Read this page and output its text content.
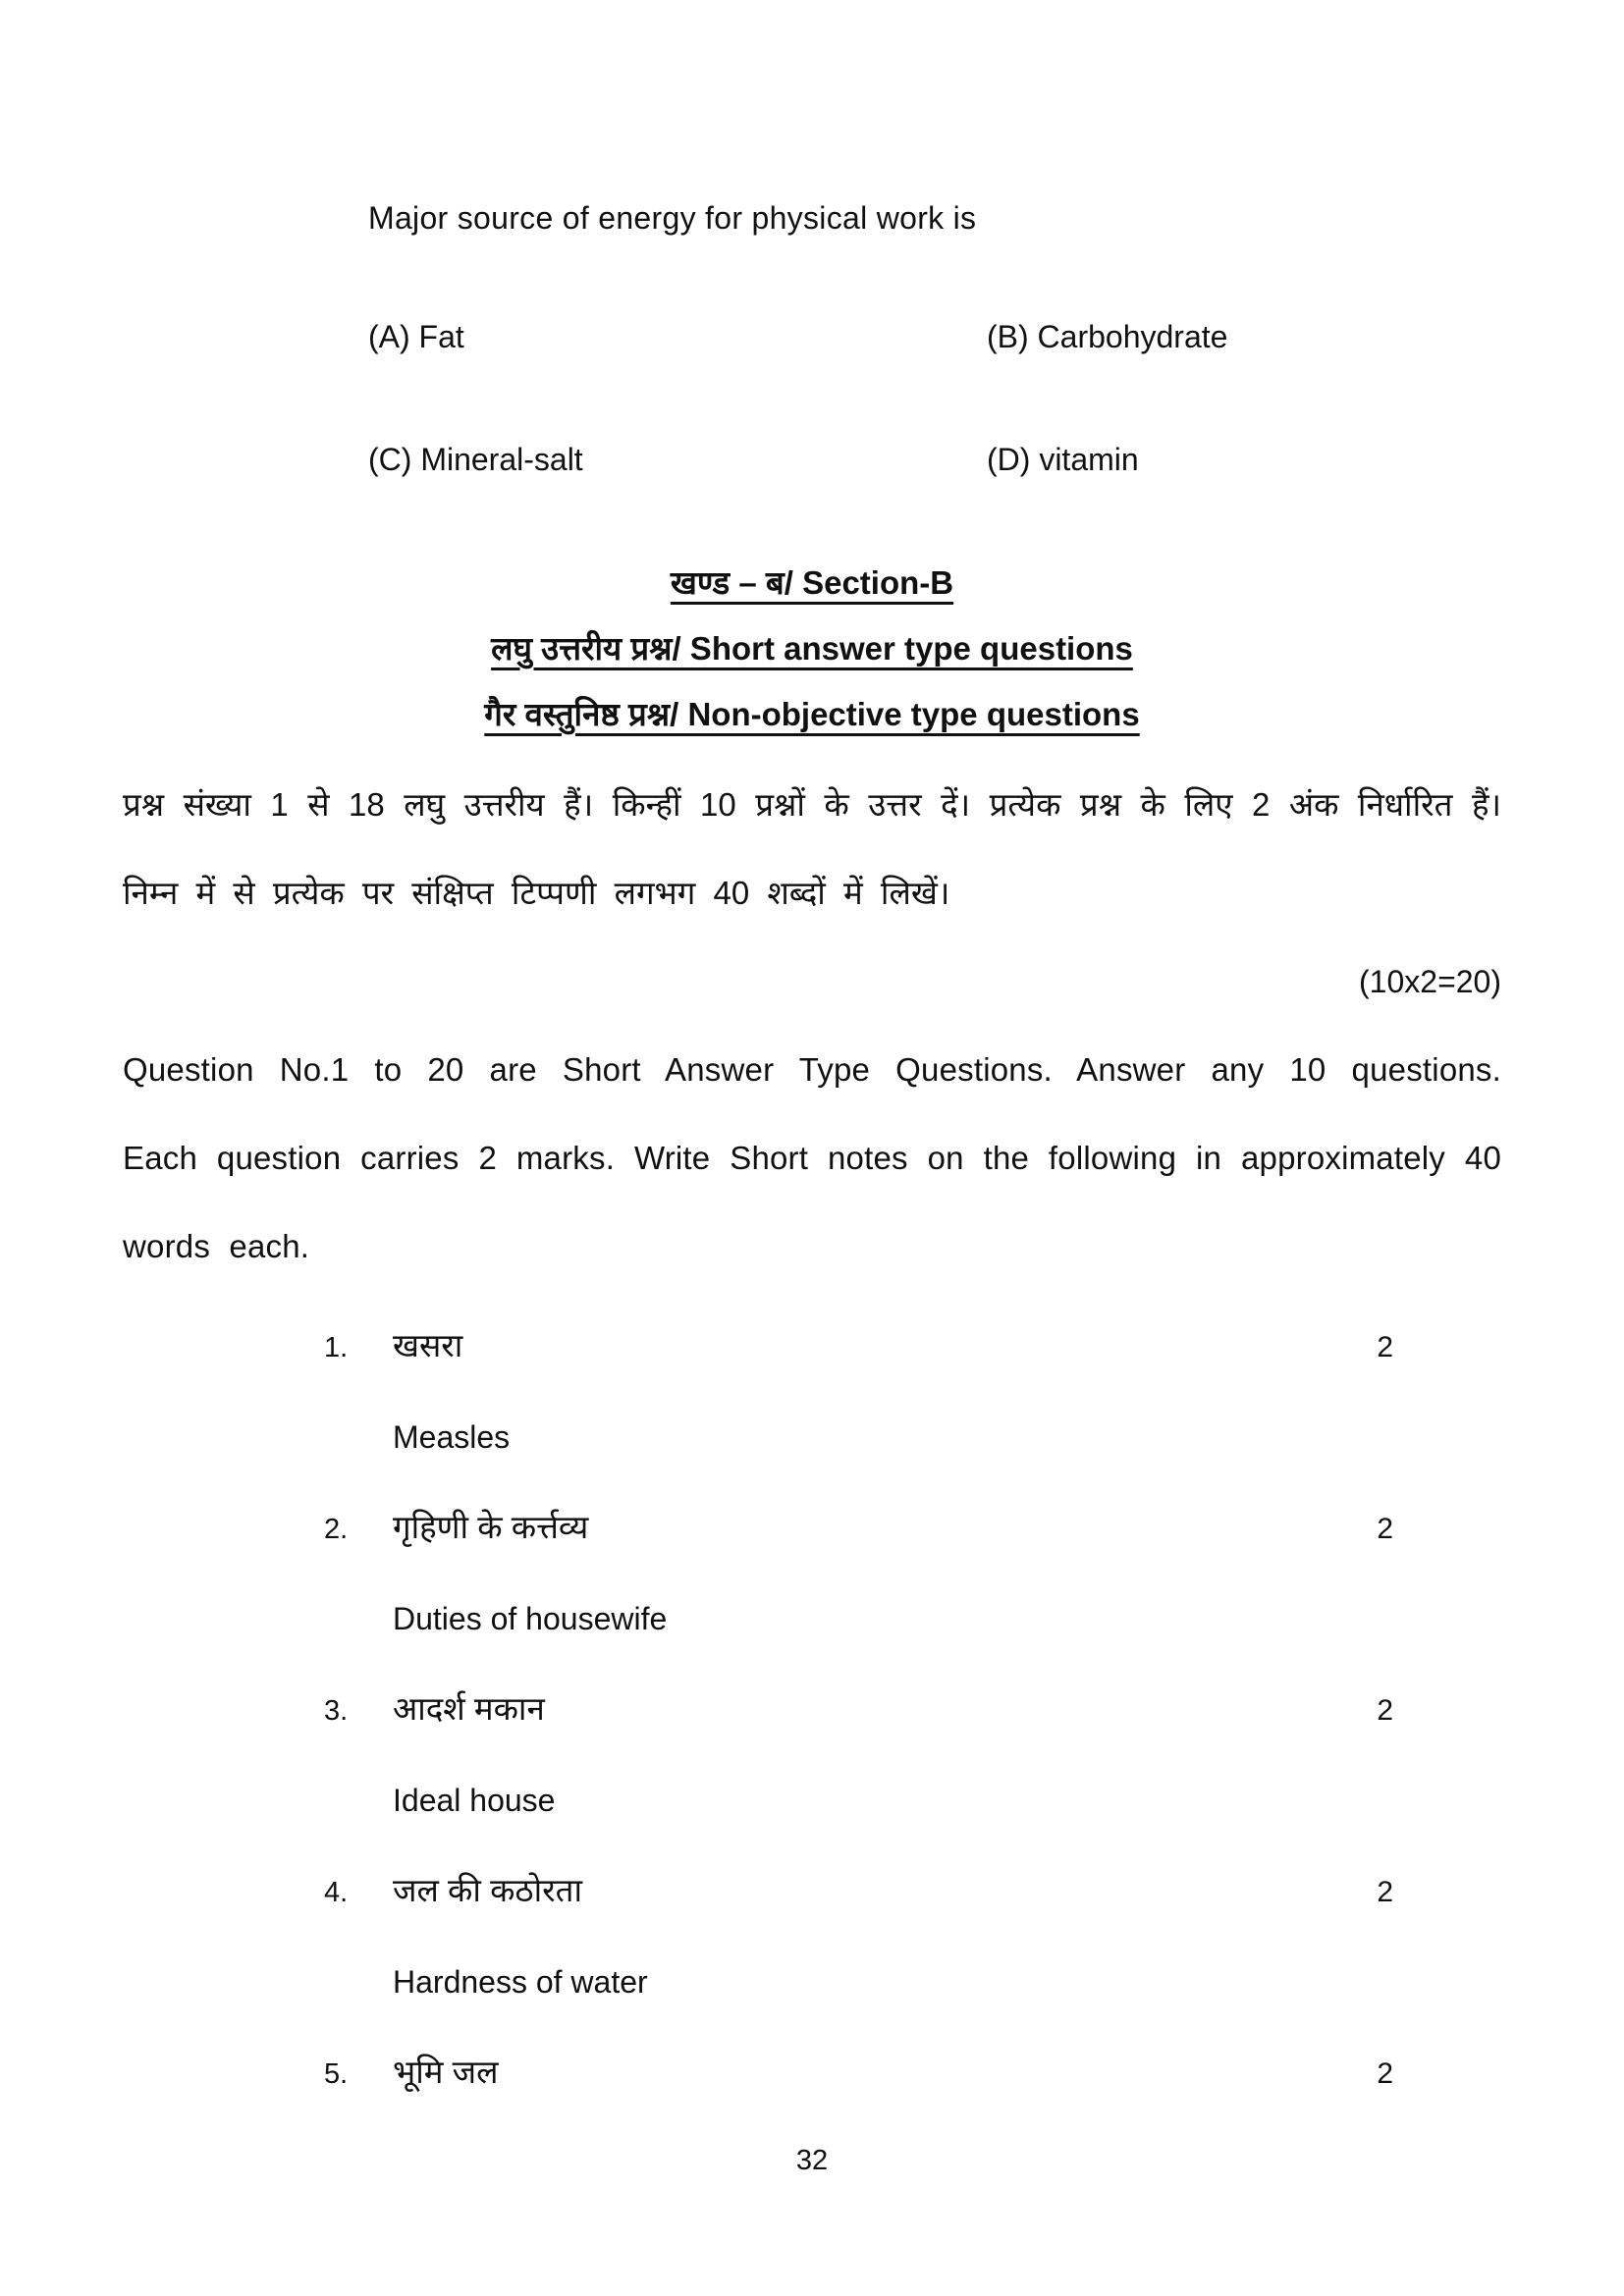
Major source of energy for physical work is
(A) Fat	(B) Carbohydrate
(C) Mineral-salt	(D) vitamin
खण्ड – ब/ Section-B
लघु उत्तरीय प्रश्न/ Short answer type questions
गैर वस्तुनिष्ठ प्रश्न/ Non-objective type questions
प्रश्न संख्या 1 से 18 लघु उत्तरीय हैं। किन्हीं 10 प्रश्नों के उत्तर दें। प्रत्येक प्रश्न के लिए 2 अंक निर्धारित हैं। निम्न में से प्रत्येक पर संक्षिप्त टिप्पणी लगभग 40 शब्दों में लिखें।
(10x2=20)
Question No.1 to 20 are Short Answer Type Questions. Answer any 10 questions. Each question carries 2 marks. Write Short notes on the following in approximately 40 words each.
1.	खसरा	2
Measles
2.	गृहिणी के कर्त्तव्य	2
Duties of housewife
3.	आदर्श मकान	2
Ideal house
4.	जल की कठोरता	2
Hardness of water
5.	भूमि जल	2
32
